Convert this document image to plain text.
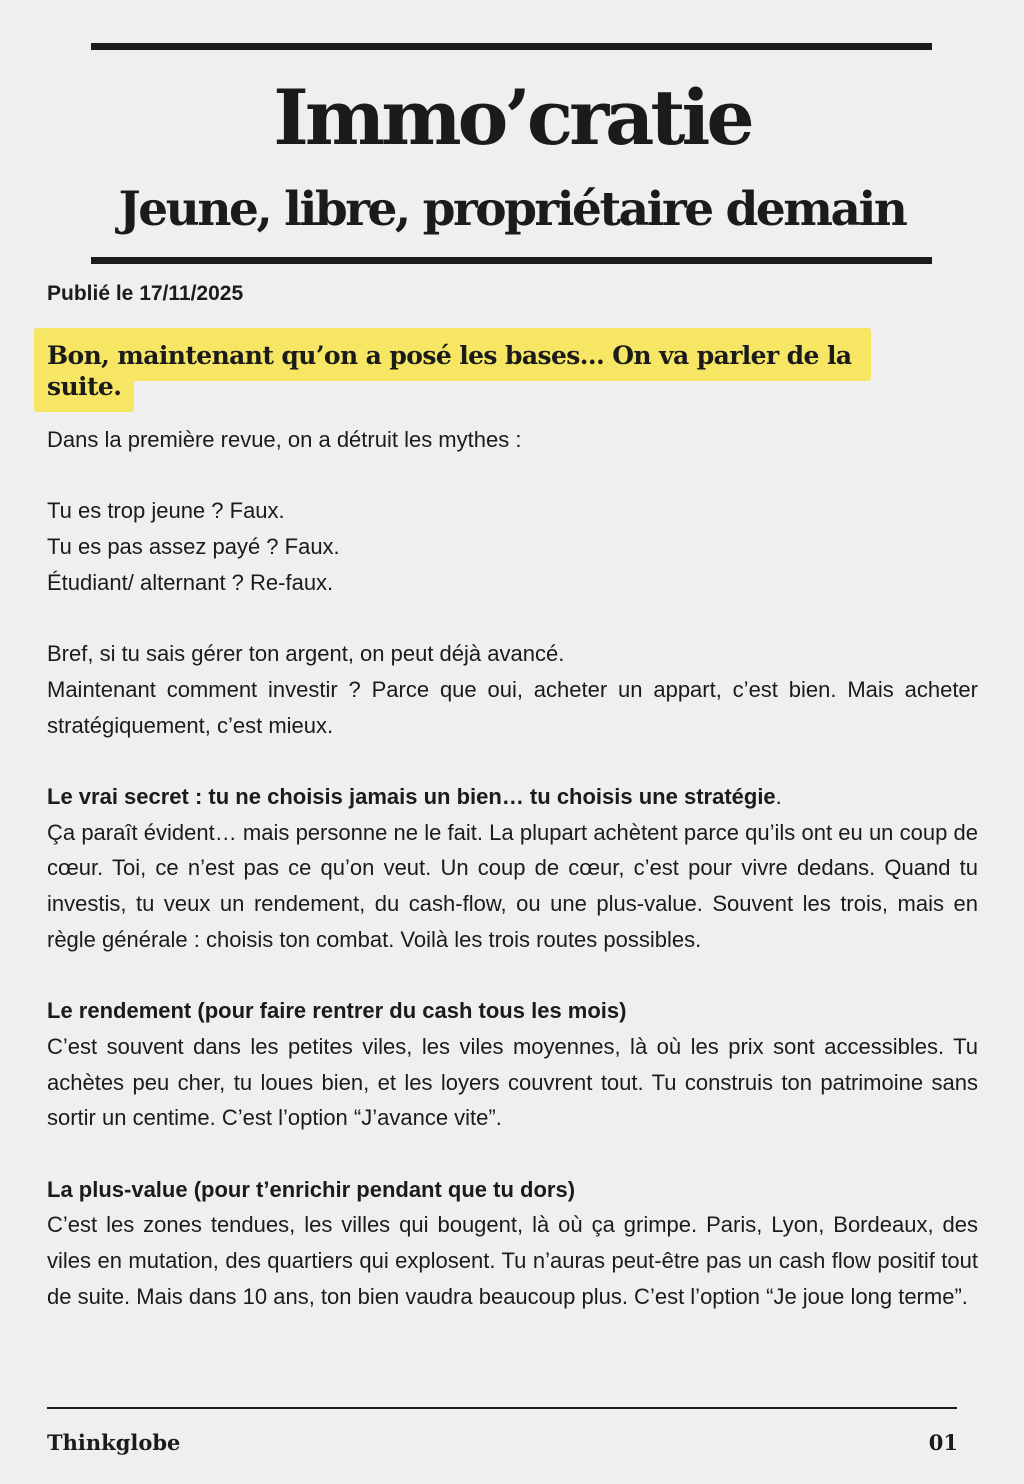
Immo’cratie
Jeune, libre, propriétaire demain
Publié le 17/11/2025
Bon, maintenant qu’on a posé les bases… On va parler de la
suite.

Dans la première revue, on a détruit les mythes :

Tu es trop jeune ? Faux.

Tu es pas assez payé ? Faux.

Étudiant/ alternant ? Re-faux.

Bref, si tu sais gérer ton argent, on peut déjà avancé.

Maintenant comment investir ? Parce que oui, acheter un appart, c’est bien. Mais acheter stratégiquement, c’est mieux.

Le vrai secret : tu ne choisis jamais un bien… tu choisis une stratégie.

Ça paraît évident… mais personne ne le fait. La plupart achètent parce qu’ils ont eu un coup de cœur. Toi, ce n’est pas ce qu’on veut. Un coup de cœur, c’est pour vivre dedans. Quand tu investis, tu veux un rendement, du cash-flow, ou une plus-value. Souvent les trois, mais en règle générale : choisis ton combat. Voilà les trois routes possibles.

Le rendement (pour faire rentrer du cash tous les mois)

C’est souvent dans les petites viles, les viles moyennes, là où les prix sont accessibles. Tu achètes peu cher, tu loues bien, et les loyers couvrent tout. Tu construis ton patrimoine sans sortir un centime. C’est l’option “J’avance vite”.

La plus-value (pour t’enrichir pendant que tu dors)

C’est les zones tendues, les villes qui bougent, là où ça grimpe. Paris, Lyon, Bordeaux, des viles en mutation, des quartiers qui explosent. Tu n’auras peut-être pas un cash flow positif tout de suite. Mais dans 10 ans, ton bien vaudra beaucoup plus. C’est l’option “Je joue long terme”.

Thinkglobe	01
